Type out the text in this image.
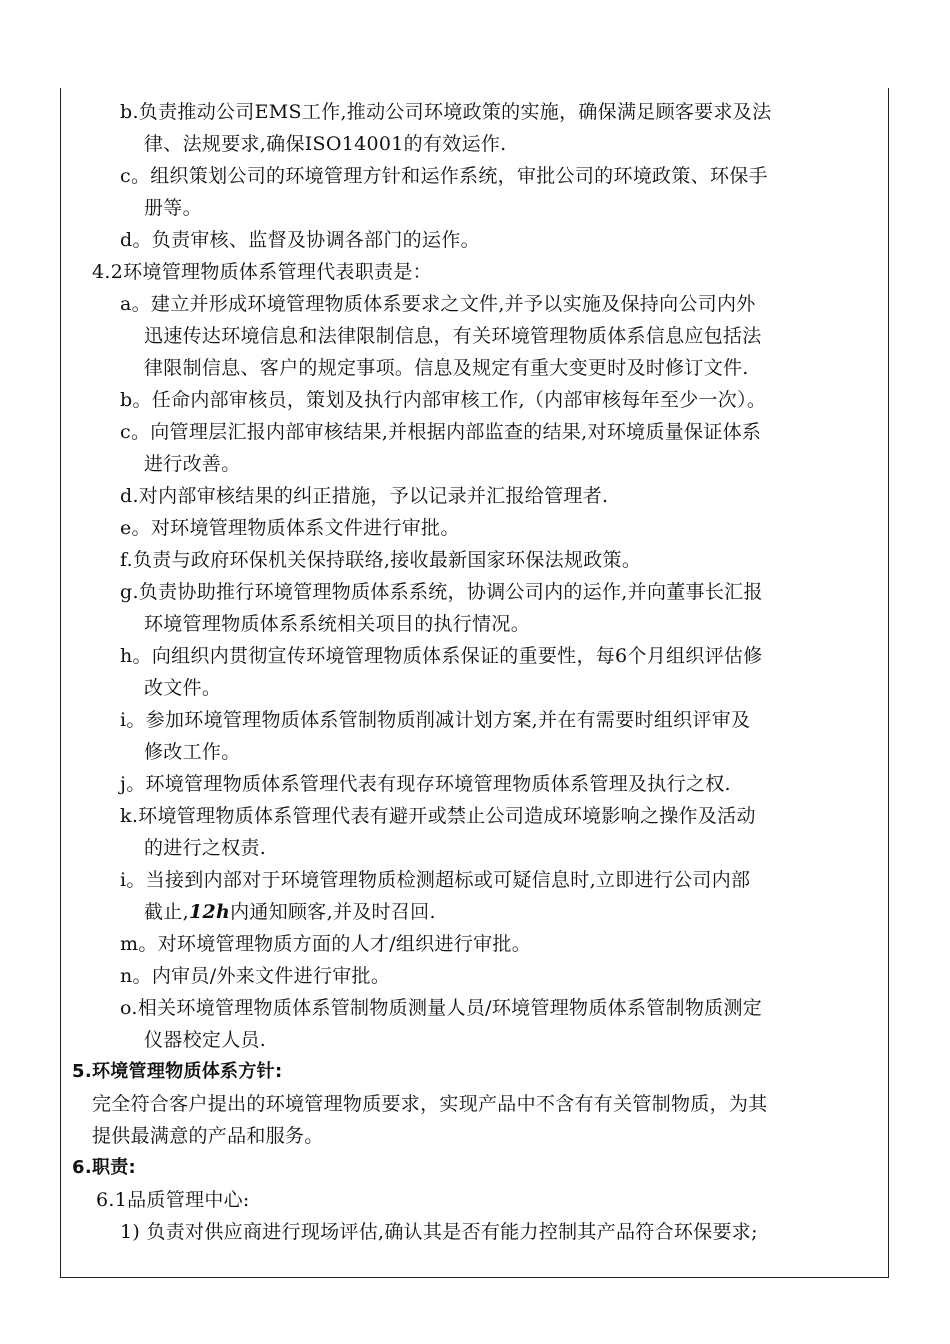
b.负责推动公司EMS工作,推动公司环境政策的实施，确保满足顾客要求及法
律、法规要求,确保ISO14001的有效运作.
c。组织策划公司的环境管理方针和运作系统，审批公司的环境政策、环保手
册等。
d。负责审核、监督及协调各部门的运作。
4.2环境管理物质体系管理代表职责是：
a。建立并形成环境管理物质体系要求之文件,并予以实施及保持向公司内外
迅速传达环境信息和法律限制信息，有关环境管理物质体系信息应包括法
律限制信息、客户的规定事项。信息及规定有重大变更时及时修订文件.
b。任命内部审核员，策划及执行内部审核工作,（内部审核每年至少一次）。
c。向管理层汇报内部审核结果,并根据内部监查的结果,对环境质量保证体系
进行改善。
d.对内部审核结果的纠正措施，予以记录并汇报给管理者.
e。对环境管理物质体系文件进行审批。
f.负责与政府环保机关保持联络,接收最新国家环保法规政策。
g.负责协助推行环境管理物质体系系统，协调公司内的运作,并向董事长汇报
环境管理物质体系系统相关项目的执行情况。
h。向组织内贯彻宣传环境管理物质体系保证的重要性，每6个月组织评估修
改文件。
i。参加环境管理物质体系管制物质削减计划方案,并在有需要时组织评审及
修改工作。
j。环境管理物质体系管理代表有现存环境管理物质体系管理及执行之权.
k.环境管理物质体系管理代表有避开或禁止公司造成环境影响之操作及活动
的进行之权责.
i。当接到内部对于环境管理物质检测超标或可疑信息时,立即进行公司内部
截止,12h内通知顾客,并及时召回.
m。对环境管理物质方面的人才/组织进行审批。
n。内审员/外来文件进行审批。
o.相关环境管理物质体系管制物质测量人员/环境管理物质体系管制物质测定
仪器校定人员.
5.环境管理物质体系方针:
完全符合客户提出的环境管理物质要求，实现产品中不含有有关管制物质，为其
提供最满意的产品和服务。
6.职责:
6.1品质管理中心:
1) 负责对供应商进行现场评估,确认其是否有能力控制其产品符合环保要求;
